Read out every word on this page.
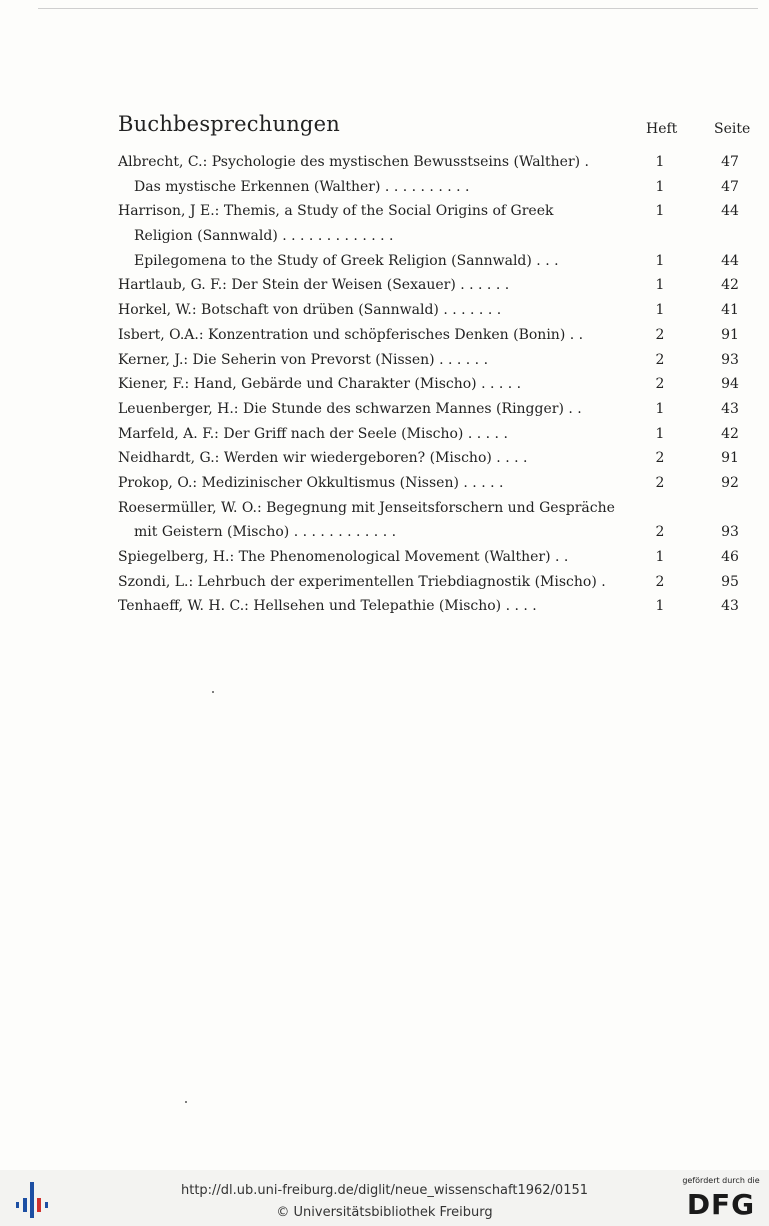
Buchbesprechungen	Heft	Seite
Albrecht, C.: Psychologie des mystischen Bewusstseins (Walther) .	1	47
Das mystische Erkennen (Walther) . . . . . . . . . .	1	47
Harrison, J E.: Themis, a Study of the Social Origins of Greek	1	44
Religion (Sannwald) . . . . . . . . . . . . .
Epilegomena to the Study of Greek Religion (Sannwald) . . .	1	44
Hartlaub, G. F.: Der Stein der Weisen (Sexauer) . . . . . .	1	42
Horkel, W.: Botschaft von drüben (Sannwald) . . . . . . .	1	41
Isbert, O.A.: Konzentration und schöpferisches Denken (Bonin) . .	2	91
Kerner, J.: Die Seherin von Prevorst (Nissen) . . . . . .	2	93
Kiener, F.: Hand, Gebärde und Charakter (Mischo) . . . . .	2	94
Leuenberger, H.: Die Stunde des schwarzen Mannes (Ringger) . .	1	43
Marfeld, A. F.: Der Griff nach der Seele (Mischo) . . . . .	1	42
Neidhardt, G.: Werden wir wiedergeboren? (Mischo) . . . .	2	91
Prokop, O.: Medizinischer Okkultismus (Nissen) . . . . .	2	92
Roesermüller, W. O.: Begegnung mit Jenseitsforschern und Gespräche
mit Geistern (Mischo) . . . . . . . . . . . .	2	93
Spiegelberg, H.: The Phenomenological Movement (Walther) . .	1	46
Szondi, L.: Lehrbuch der experimentellen Triebdiagnostik (Mischo) .	2	95
Tenhaeff, W. H. C.: Hellsehen und Telepathie (Mischo) . . . .	1	43
http://dl.ub.uni-freiburg.de/diglit/neue_wissenschaft1962/0151
© Universitätsbibliothek Freiburg
gefördert durch die
DFG
